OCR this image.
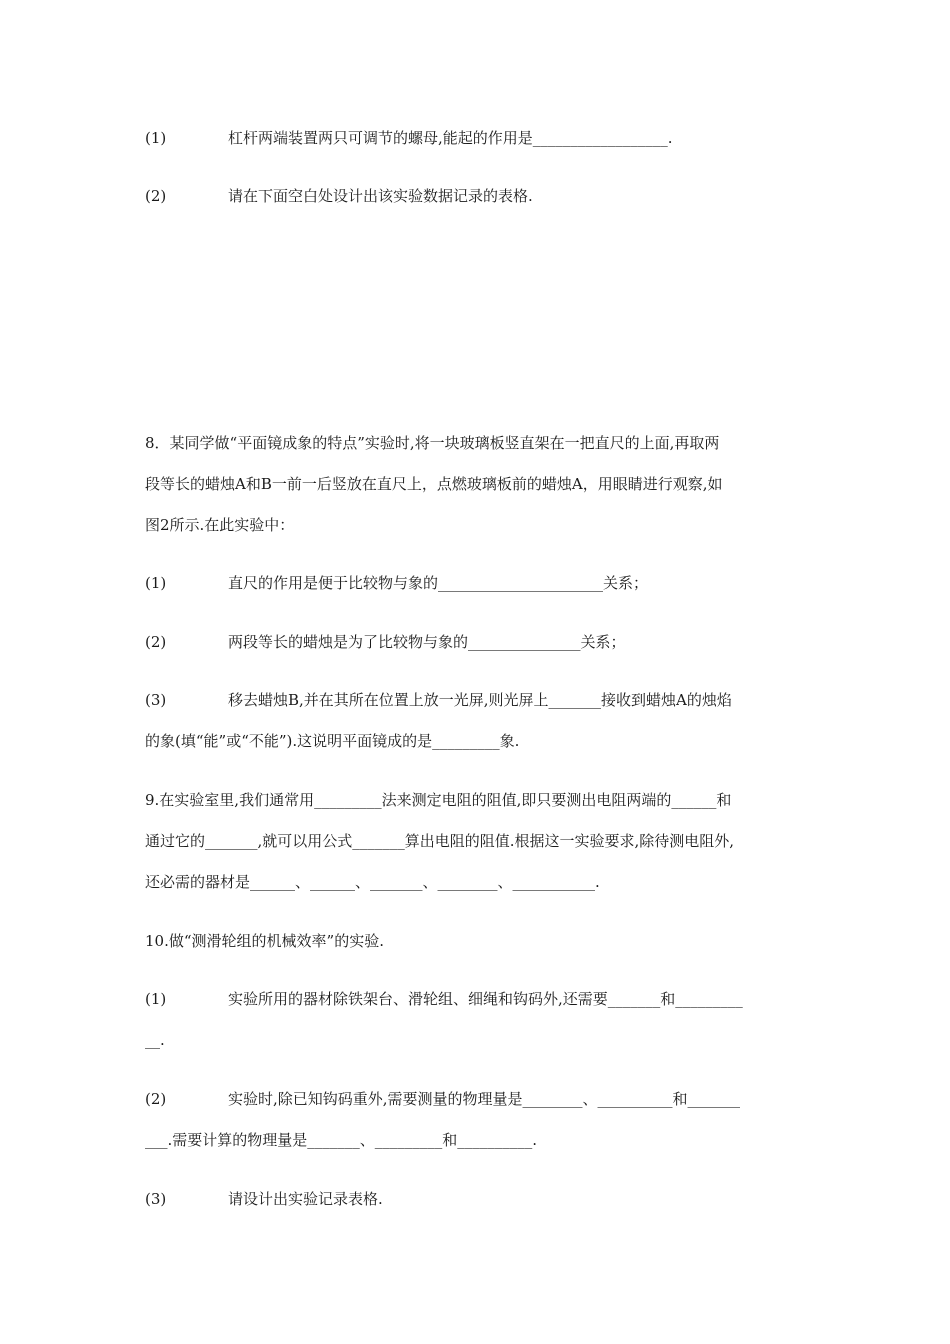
(1)	杠杆两端装置两只可调节的螺母,能起的作用是__________________.
(2)	请在下面空白处设计出该实验数据记录的表格.
8．某同学做“平面镜成象的特点”实验时,将一块玻璃板竖直架在一把直尺的上面,再取两
段等长的蜡烛A和B一前一后竖放在直尺上，点燃玻璃板前的蜡烛A，用眼睛进行观察,如
图2所示.在此实验中：
(1)	直尺的作用是便于比较物与象的______________________关系；
(2)	两段等长的蜡烛是为了比较物与象的_______________关系；
(3)	移去蜡烛B,并在其所在位置上放一光屏,则光屏上_______接收到蜡烛A的烛焰
的象(填“能”或“不能”).这说明平面镜成的是_________象.
9.在实验室里,我们通常用_________法来测定电阻的阻值,即只要测出电阻两端的______和
通过它的_______,就可以用公式_______算出电阻的阻值.根据这一实验要求,除待测电阻外,
还必需的器材是______、______、_______、________、___________.
10.做“测滑轮组的机械效率”的实验.
(1)	实验所用的器材除铁架台、滑轮组、细绳和钩码外,还需要_______和_________
__.
(2)	实验时,除已知钩码重外,需要测量的物理量是________、__________和_______
___.需要计算的物理量是_______、_________和__________.
(3)	请设计出实验记录表格.
